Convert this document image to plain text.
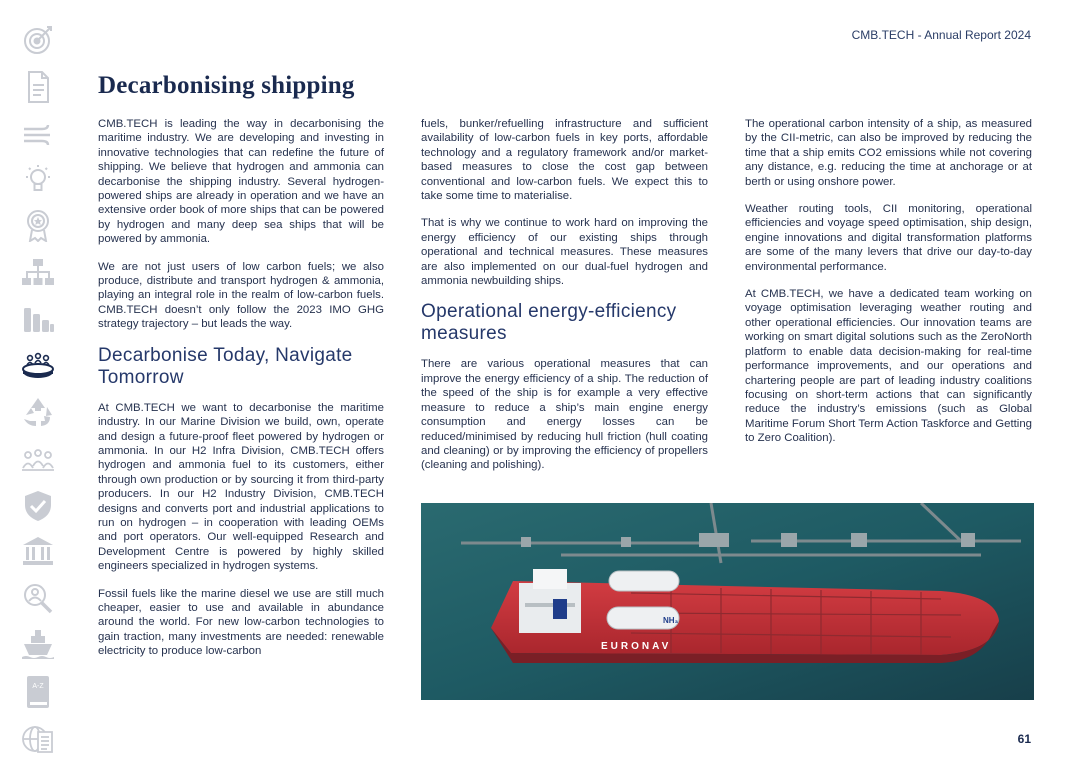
A-Z
CMB.TECH - Annual Report 2024
Decarbonising shipping

CMB.TECH is leading the way in decarbonising the maritime industry. We are developing and investing in innovative technologies that can redefine the future of shipping. We believe that hydrogen and ammonia can decarbonise the shipping industry. Several hydrogen-powered ships are already in operation and we have an extensive order book of more ships that can be powered by hydrogen and many deep sea ships that will be powered by ammonia.

We are not just users of low carbon fuels; we also produce, distribute and transport hydrogen & ammonia, playing an integral role in the realm of low-carbon fuels. CMB.TECH doesn’t only follow the 2023 IMO GHG strategy trajectory – but leads the way.

Decarbonise Today, Navigate Tomorrow

At CMB.TECH we want to decarbonise the maritime industry. In our Marine Division we build, own, operate and design a future-proof fleet powered by hydrogen or ammonia. In our H2 Infra Division, CMB.TECH offers hydrogen and ammonia fuel to its customers, either through own production or by sourcing it from third-party producers. In our H2 Industry Division, CMB.TECH designs and converts port and industrial applications to run on hydrogen – in cooperation with leading OEMs and port operators. Our well-equipped Research and Development Centre is powered by highly skilled engineers specialized in hydrogen systems.

Fossil fuels like the marine diesel we use are still much cheaper, easier to use and available in abundance around the world. For new low-carbon technologies to gain traction, many investments are needed: renewable electricity to produce low-carbon

fuels, bunker/refuelling infrastructure and sufficient availability of low-carbon fuels in key ports, affordable technology and a regulatory framework and/or market-based measures to close the cost gap between conventional and low-carbon fuels. We expect this to take some time to materialise.

That is why we continue to work hard on improving the energy efficiency of our existing ships through operational and technical measures. These measures are also implemented on our dual-fuel hydrogen and ammonia newbuilding ships.

Operational energy-efficiency measures

There are various operational measures that can improve the energy efficiency of a ship. The reduction of the speed of the ship is for example a very effective measure to reduce a ship’s main engine energy consumption and energy losses can be reduced/minimised by reducing hull friction (hull coating and cleaning) or by improving the efficiency of propellers (cleaning and polishing).

The operational carbon intensity of a ship, as measured by the CII-metric, can also be improved by reducing the time that a ship emits CO2 emissions while not covering any distance, e.g. reducing the time at anchorage or at berth or using onshore power.

Weather routing tools, CII monitoring, operational efficiencies and voyage speed optimisation, ship design, engine innovations and digital transformation platforms are some of the many levers that drive our day-to-day environmental performance.

At CMB.TECH, we have a dedicated team working on voyage optimisation leveraging weather routing and other operational efficiencies. Our innovation teams are working on smart digital solutions such as the ZeroNorth platform to enable data decision-making for real-time performance improvements, and our operations and chartering people are part of leading industry coalitions focusing on short-term actions that can significantly reduce the industry’s emissions (such as Global Maritime Forum Short Term Action Taskforce and Getting to Zero Coalition).

NH₃
EURONAV
61
